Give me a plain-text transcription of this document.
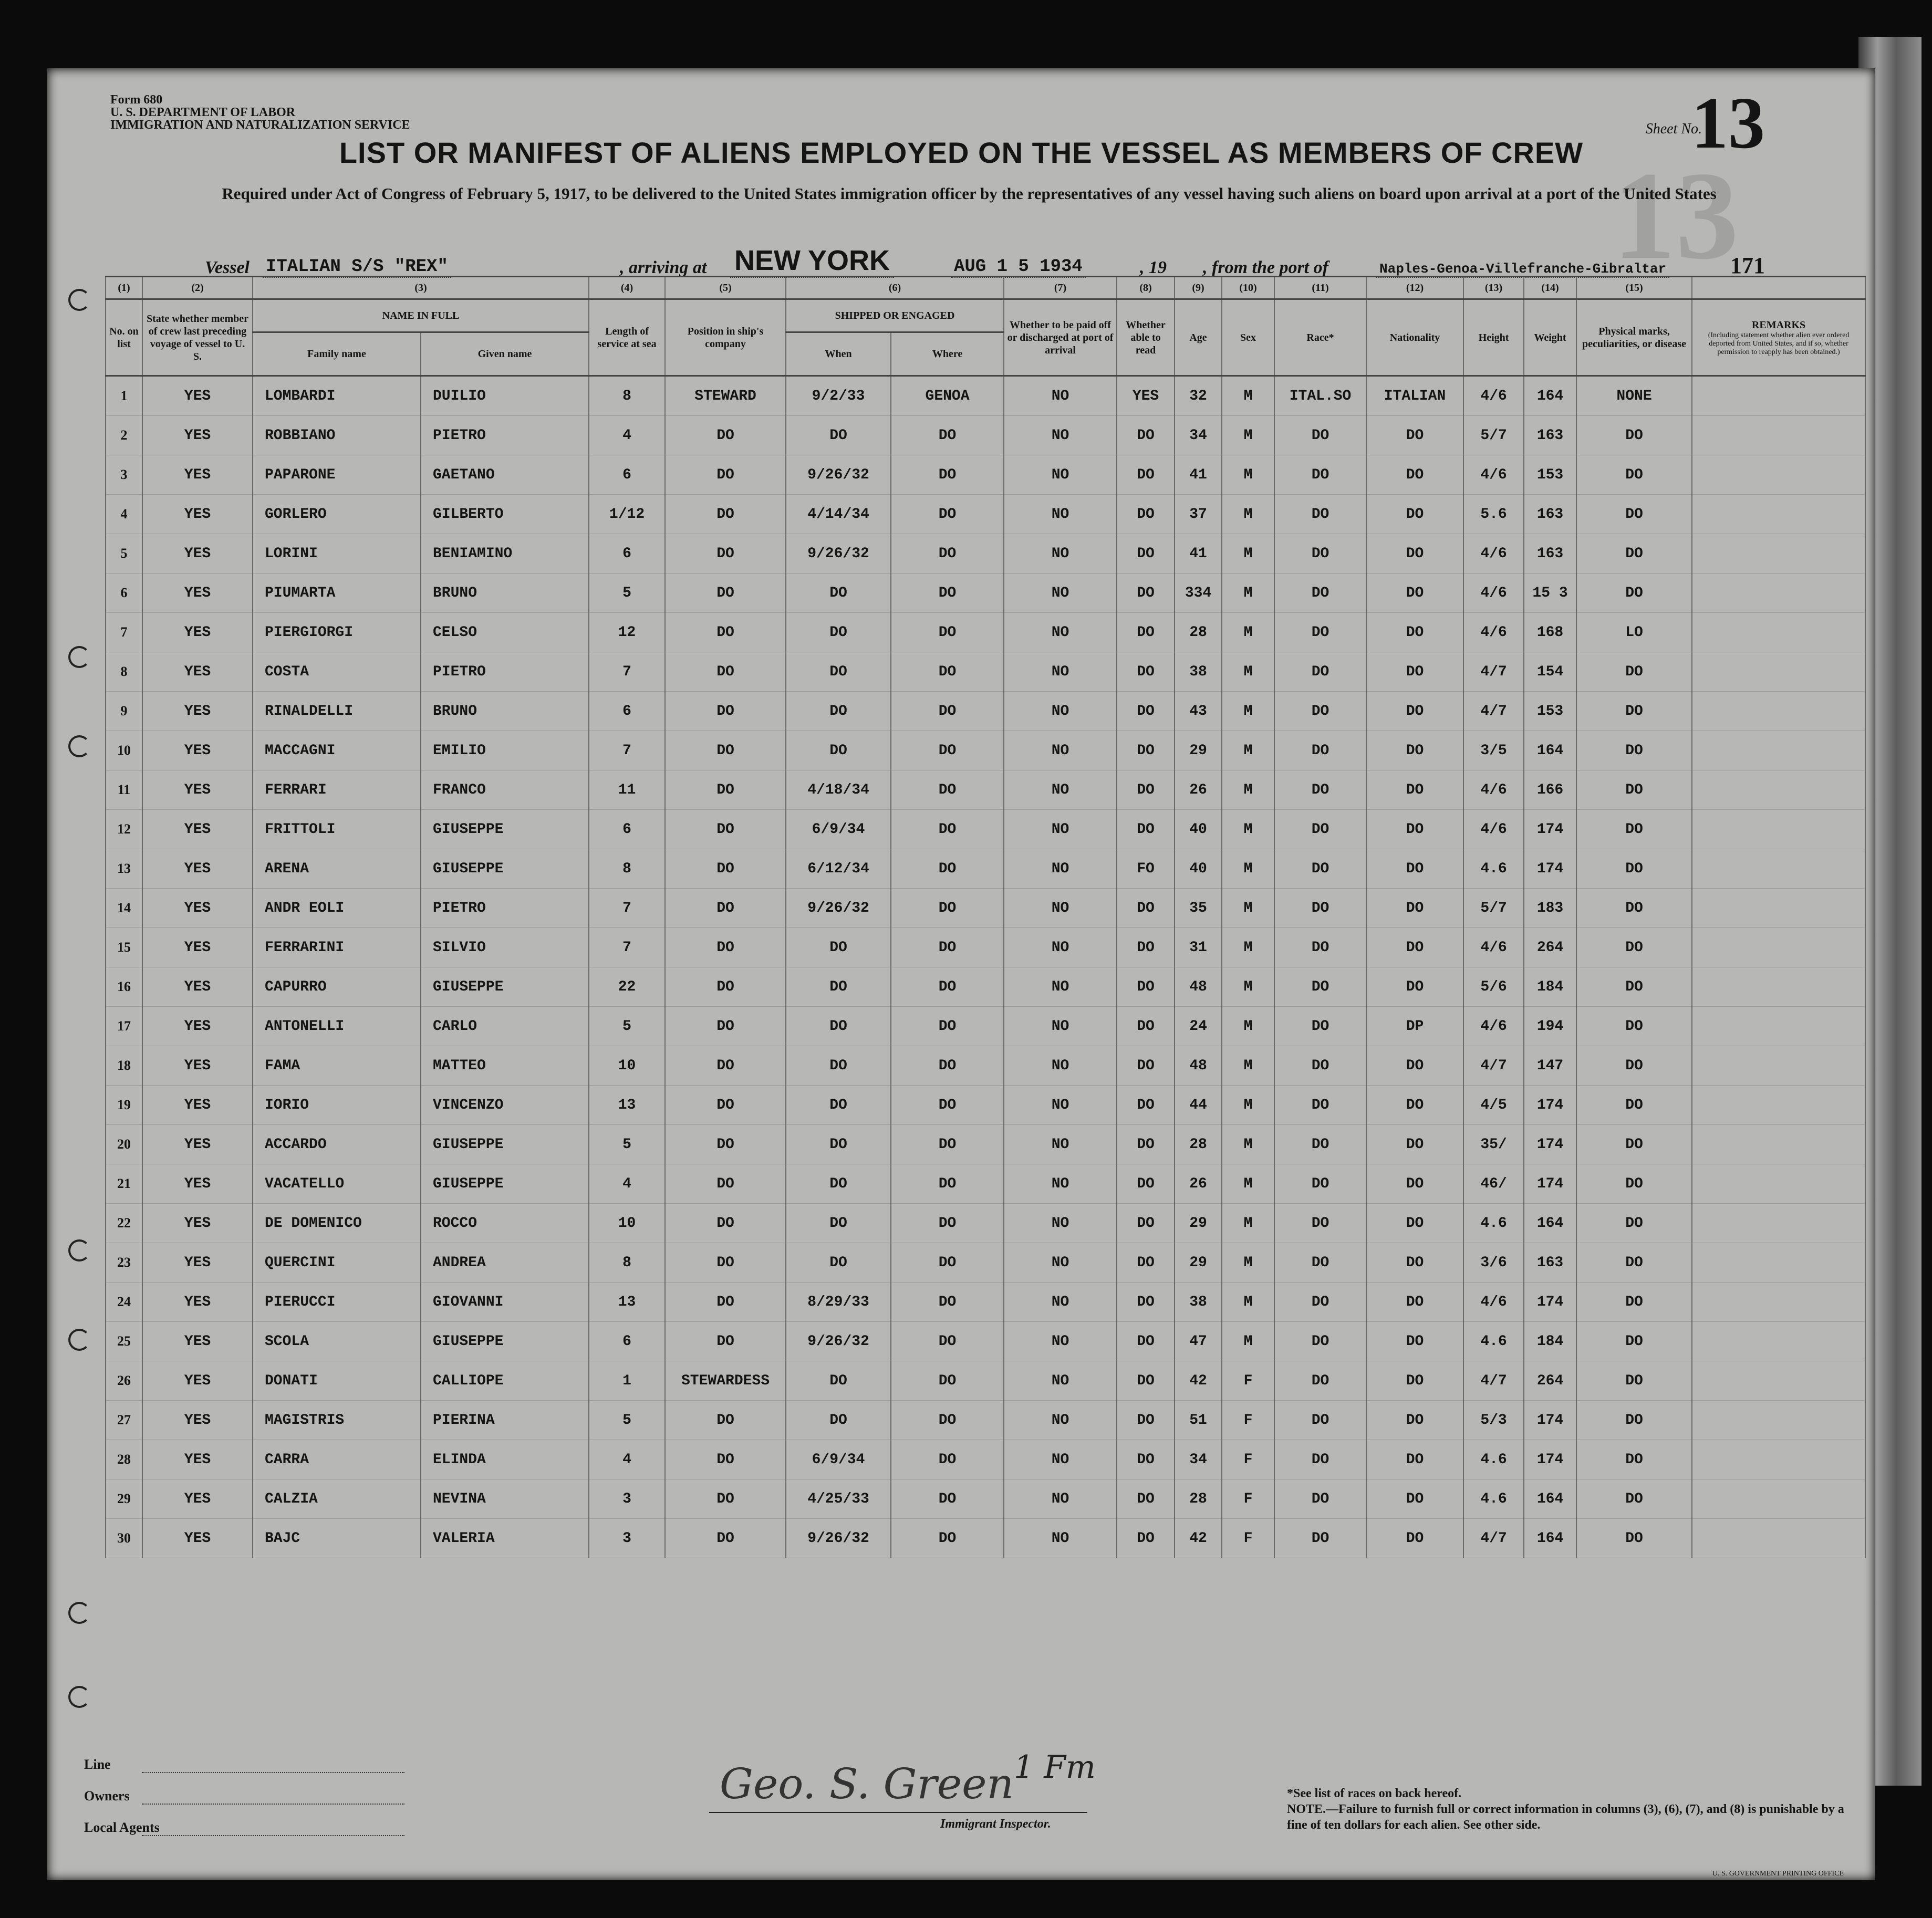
Form 680
U. S. DEPARTMENT OF LABOR
IMMIGRATION AND NATURALIZATION SERVICE
13
Sheet No.
13
LIST OR MANIFEST OF ALIENS EMPLOYED ON THE VESSEL AS MEMBERS OF CREW
Required under Act of Congress of February 5, 1917, to be delivered to the United States immigration officer by the representatives of any vessel having such aliens on board upon arrival at a port of the United States
Vessel ITALIAN S/S "REX"	, arriving at NEW YORK	AUG 1 5 1934	, 19 , from the port of	Naples-Genoa-Villefranche-Gibraltar	171
(1)	(2)	(3)		(4)	(5)	(6)		(7)	(8)	(9)	(10)	(11)	(12)	(13)	(14)	(15)	
No. on list	State whether member of crew last preceding voyage of vessel to U. S.	NAME IN FULL		Length of service at sea	Position in ship's company	SHIPPED OR ENGAGED		Whether to be paid off or discharged at port of arrival	Whether able to read	Age	Sex	Race*	Nationality	Height	Weight	Physical marks, peculiarities, or disease	REMARKS
(Including statement whether alien ever ordered deported from United States, and if so, whether permission to reapply has been obtained.)

		Family name	Given name			When	Where										
1	YES	LOMBARDI	DUILIO	8	STEWARD	9/2/33	GENOA	NO	YES	32	M	ITAL.SO	ITALIAN	4/6	164	NONE	
2	YES	ROBBIANO	PIETRO	4	DO	DO	DO	NO	DO	34	M	DO	DO	5/7	163	DO	
3	YES	PAPARONE	GAETANO	6	DO	9/26/32	DO	NO	DO	41	M	DO	DO	4/6	153	DO	
4	YES	GORLERO	GILBERTO	1/12	DO	4/14/34	DO	NO	DO	37	M	DO	DO	5.6	163	DO	
5	YES	LORINI	BENIAMINO	6	DO	9/26/32	DO	NO	DO	41	M	DO	DO	4/6	163	DO	
6	YES	PIUMARTA	BRUNO	5	DO	DO	DO	NO	DO	334	M	DO	DO	4/6	15 3	DO	
7	YES	PIERGIORGI	CELSO	12	DO	DO	DO	NO	DO	28	M	DO	DO	4/6	168	LO	
8	YES	COSTA	PIETRO	7	DO	DO	DO	NO	DO	38	M	DO	DO	4/7	154	DO	
9	YES	RINALDELLI	BRUNO	6	DO	DO	DO	NO	DO	43	M	DO	DO	4/7	153	DO	
10	YES	MACCAGNI	EMILIO	7	DO	DO	DO	NO	DO	29	M	DO	DO	3/5	164	DO	
11	YES	FERRARI	FRANCO	11	DO	4/18/34	DO	NO	DO	26	M	DO	DO	4/6	166	DO	
12	YES	FRITTOLI	GIUSEPPE	6	DO	6/9/34	DO	NO	DO	40	M	DO	DO	4/6	174	DO	
13	YES	ARENA	GIUSEPPE	8	DO	6/12/34	DO	NO	FO	40	M	DO	DO	4.6	174	DO	
14	YES	ANDR EOLI	PIETRO	7	DO	9/26/32	DO	NO	DO	35	M	DO	DO	5/7	183	DO	
15	YES	FERRARINI	SILVIO	7	DO	DO	DO	NO	DO	31	M	DO	DO	4/6	264	DO	
16	YES	CAPURRO	GIUSEPPE	22	DO	DO	DO	NO	DO	48	M	DO	DO	5/6	184	DO	
17	YES	ANTONELLI	CARLO	5	DO	DO	DO	NO	DO	24	M	DO	DP	4/6	194	DO	
18	YES	FAMA	MATTEO	10	DO	DO	DO	NO	DO	48	M	DO	DO	4/7	147	DO	
19	YES	IORIO	VINCENZO	13	DO	DO	DO	NO	DO	44	M	DO	DO	4/5	174	DO	
20	YES	ACCARDO	GIUSEPPE	5	DO	DO	DO	NO	DO	28	M	DO	DO	35/	174	DO	
21	YES	VACATELLO	GIUSEPPE	4	DO	DO	DO	NO	DO	26	M	DO	DO	46/	174	DO	
22	YES	DE DOMENICO	ROCCO	10	DO	DO	DO	NO	DO	29	M	DO	DO	4.6	164	DO	
23	YES	QUERCINI	ANDREA	8	DO	DO	DO	NO	DO	29	M	DO	DO	3/6	163	DO	
24	YES	PIERUCCI	GIOVANNI	13	DO	8/29/33	DO	NO	DO	38	M	DO	DO	4/6	174	DO	
25	YES	SCOLA	GIUSEPPE	6	DO	9/26/32	DO	NO	DO	47	M	DO	DO	4.6	184	DO	
26	YES	DONATI	CALLIOPE	1	STEWARDESS	DO	DO	NO	DO	42	F	DO	DO	4/7	264	DO	
27	YES	MAGISTRIS	PIERINA	5	DO	DO	DO	NO	DO	51	F	DO	DO	5/3	174	DO	
28	YES	CARRA	ELINDA	4	DO	6/9/34	DO	NO	DO	34	F	DO	DO	4.6	174	DO	
29	YES	CALZIA	NEVINA	3	DO	4/25/33	DO	NO	DO	28	F	DO	DO	4.6	164	DO	
30	YES	BAJC	VALERIA	3	DO	9/26/32	DO	NO	DO	42	F	DO	DO	4/7	164	DO	
Line
Owners
Local Agents
Geo. S. Green 1 Fm
Immigrant Inspector.
*See list of races on back hereof.
NOTE.—Failure to furnish full or correct information in columns (3), (6), (7), and (8) is punishable by a fine of ten dollars for each alien. See other side.
U. S. GOVERNMENT PRINTING OFFICE
